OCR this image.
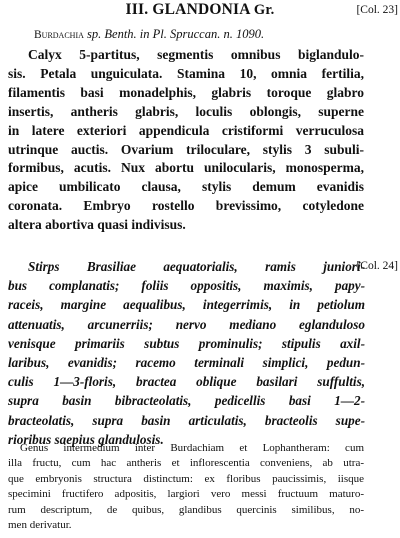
III. GLANDONIA Gr.	[Col. 23]
[Col. 24]
Burdachia sp. Benth. in Pl. Spruccan. n. 1090.
Calyx 5-partitus, segmentis omnibus biglandulo-
sis. Petala unguiculata. Stamina 10, omnia fertilia,
filamentis basi monadelphis, glabris toroque glabro
insertis, antheris glabris, loculis oblongis, superne
in latere exteriori appendicula cristiformi verruculosa
utrinque auctis. Ovarium triloculare, stylis 3 subuli-
formibus, acutis. Nux abortu unilocularis, monosperma,
apice umbilicato clausa, stylis demum evanidis
coronata. Embryo rostello brevissimo, cotyledone
altera abortiva quasi indivisus.
Stirps Brasiliae aequatorialis, ramis juniori-
bus complanatis; foliis oppositis, maximis, papy-
raceis, margine aequalibus, integerrimis, in petiolum
attenuatis, arcunerriis; nervo mediano eglanduloso
venisque primariis subtus prominulis; stipulis axil-
laribus, evanidis; racemo terminali simplici, pedun-
culis 1—3-floris, bractea oblique basilari suffultis,
supra basin bibracteolatis, pedicellis basi 1—2-
bracteolatis, supra basin articulatis, bracteolis supe-
rioribus saepius glandulosis.
Genus intermedium inter Burdachiam et Lophantheram: cum
illa fructu, cum hac antheris et inflorescentia conveniens, ab utra-
que embryonis structura distinctum: ex floribus paucissimis, iisque
specimini fructifero adpositis, largiori vero messi fructuum maturo-
rum descriptum, de quibus, glandibus quercinis similibus, no-
men derivatur.
